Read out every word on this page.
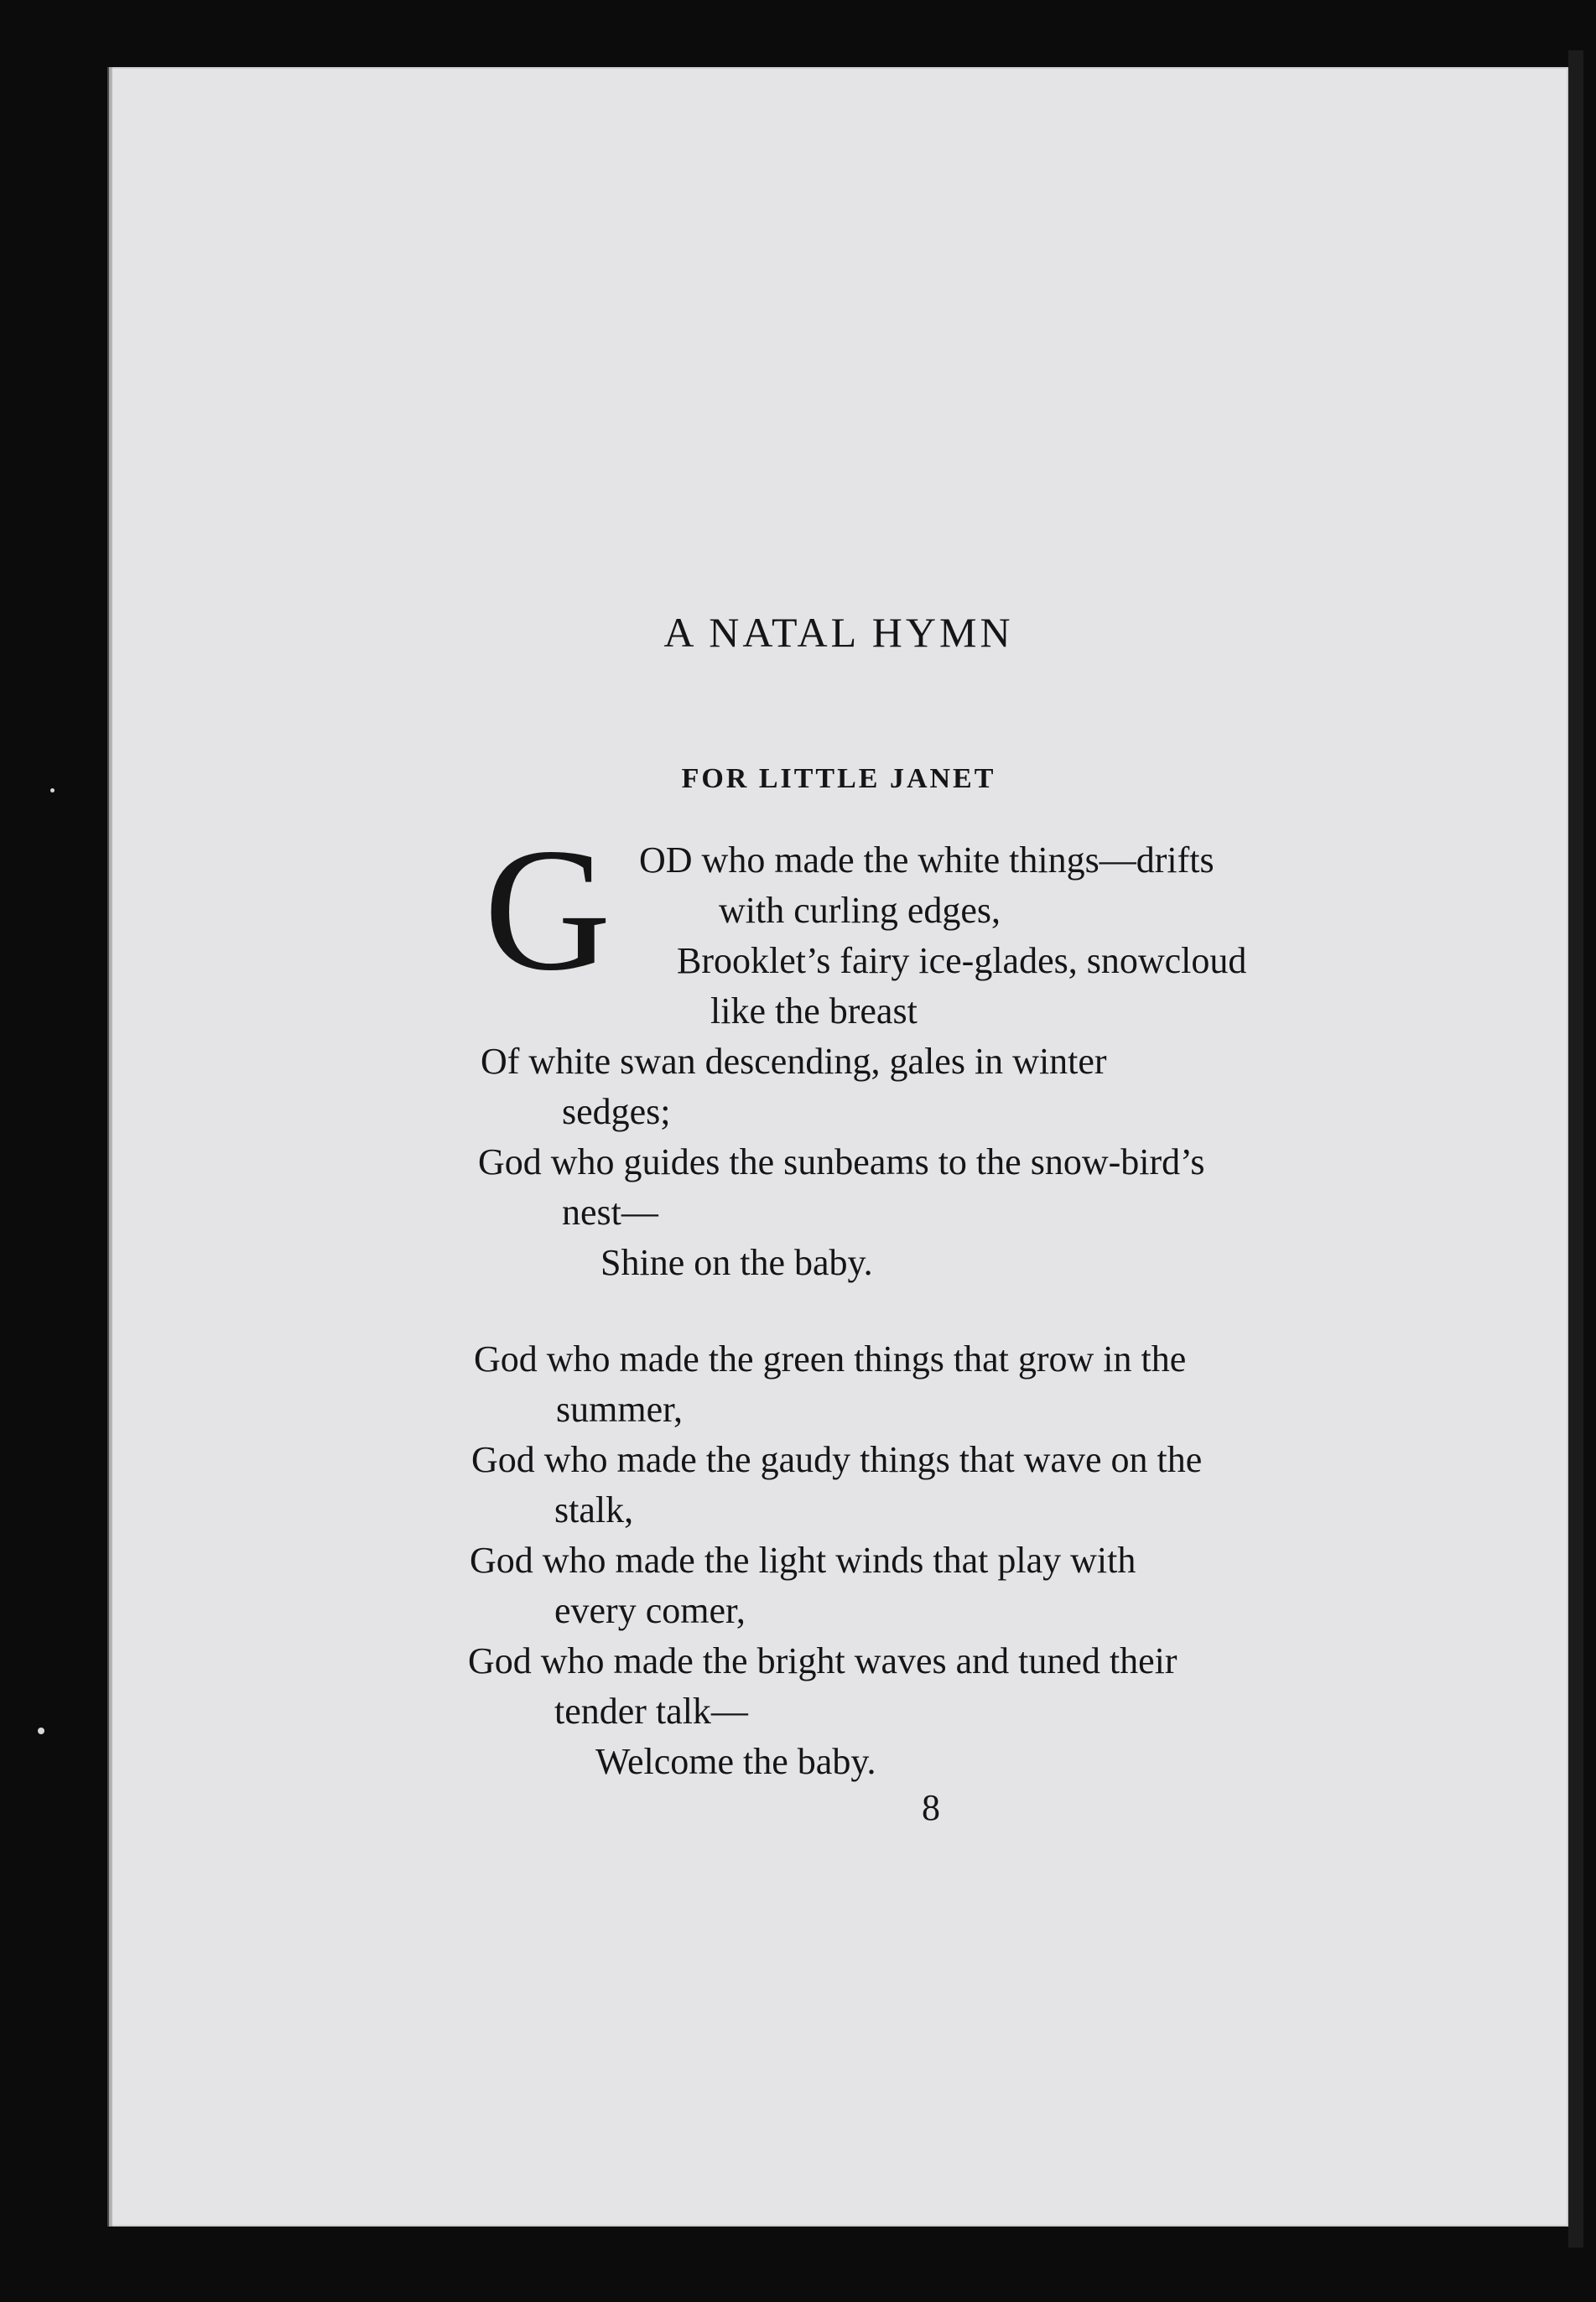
A NATAL HYMN
FOR LITTLE JANET
G OD who made the white things—drifts
with curling edges,
Brooklet’s fairy ice-glades, snowcloud
like the breast
Of white swan descending, gales in winter
sedges;
God who guides the sunbeams to the snow-bird’s
nest—
Shine on the baby.
God who made the green things that grow in the
summer,
God who made the gaudy things that wave on the
stalk,
God who made the light winds that play with
every comer,
God who made the bright waves and tuned their
tender talk—
Welcome the baby.
8
